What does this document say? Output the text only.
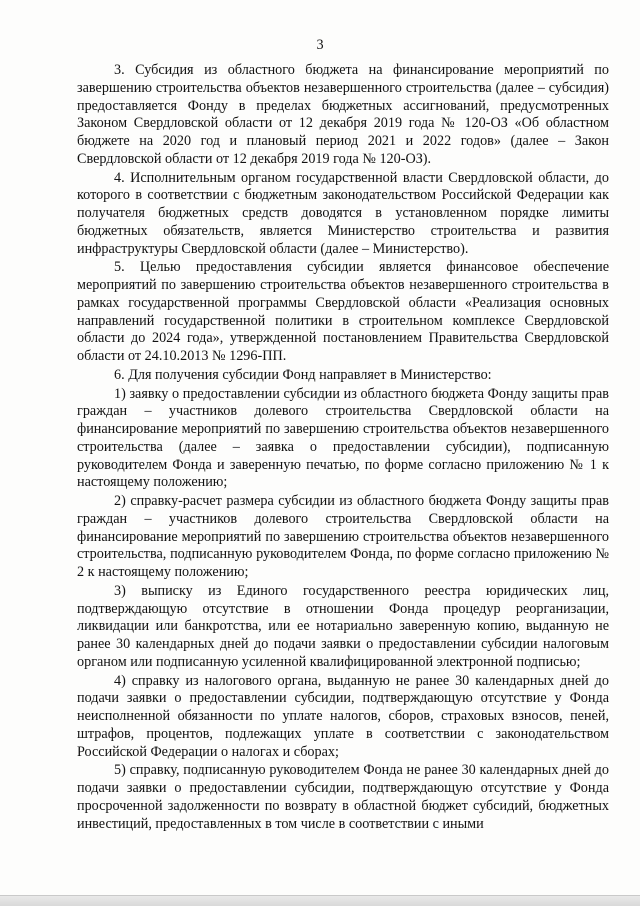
3

3. Субсидия из областного бюджета на финансирование мероприятий по завершению строительства объектов незавершенного строительства (далее – субсидия) предоставляется Фонду в пределах бюджетных ассигнований, предусмотренных Законом Свердловской области от 12 декабря 2019 года № 120-ОЗ «Об областном бюджете на 2020 год и плановый период 2021 и 2022 годов» (далее – Закон Свердловской области от 12 декабря 2019 года № 120-ОЗ).

4. Исполнительным органом государственной власти Свердловской области, до которого в соответствии с бюджетным законодательством Российской Федерации как получателя бюджетных средств доводятся в установленном порядке лимиты бюджетных обязательств, является Министерство строительства и развития инфраструктуры Свердловской области (далее – Министерство).

5. Целью предоставления субсидии является финансовое обеспечение мероприятий по завершению строительства объектов незавершенного строительства в рамках государственной программы Свердловской области «Реализация основных направлений государственной политики в строительном комплексе Свердловской области до 2024 года», утвержденной постановлением Правительства Свердловской области от 24.10.2013 № 1296-ПП.

6. Для получения субсидии Фонд направляет в Министерство:

1) заявку о предоставлении субсидии из областного бюджета Фонду защиты прав граждан – участников долевого строительства Свердловской области на финансирование мероприятий по завершению строительства объектов незавершенного строительства (далее – заявка о предоставлении субсидии), подписанную руководителем Фонда и заверенную печатью, по форме согласно приложению № 1 к настоящему положению;

2) справку-расчет размера субсидии из областного бюджета Фонду защиты прав граждан – участников долевого строительства Свердловской области на финансирование мероприятий по завершению строительства объектов незавершенного строительства, подписанную руководителем Фонда, по форме согласно приложению № 2 к настоящему положению;

3) выписку из Единого государственного реестра юридических лиц, подтверждающую отсутствие в отношении Фонда процедур реорганизации, ликвидации или банкротства, или ее нотариально заверенную копию, выданную не ранее 30 календарных дней до подачи заявки о предоставлении субсидии налоговым органом или подписанную усиленной квалифицированной электронной подписью;

4) справку из налогового органа, выданную не ранее 30 календарных дней до подачи заявки о предоставлении субсидии, подтверждающую отсутствие у Фонда неисполненной обязанности по уплате налогов, сборов, страховых взносов, пеней, штрафов, процентов, подлежащих уплате в соответствии с законодательством Российской Федерации о налогах и сборах;

5) справку, подписанную руководителем Фонда не ранее 30 календарных дней до подачи заявки о предоставлении субсидии, подтверждающую отсутствие у Фонда просроченной задолженности по возврату в областной бюджет субсидий, бюджетных инвестиций, предоставленных в том числе в соответствии с иными
